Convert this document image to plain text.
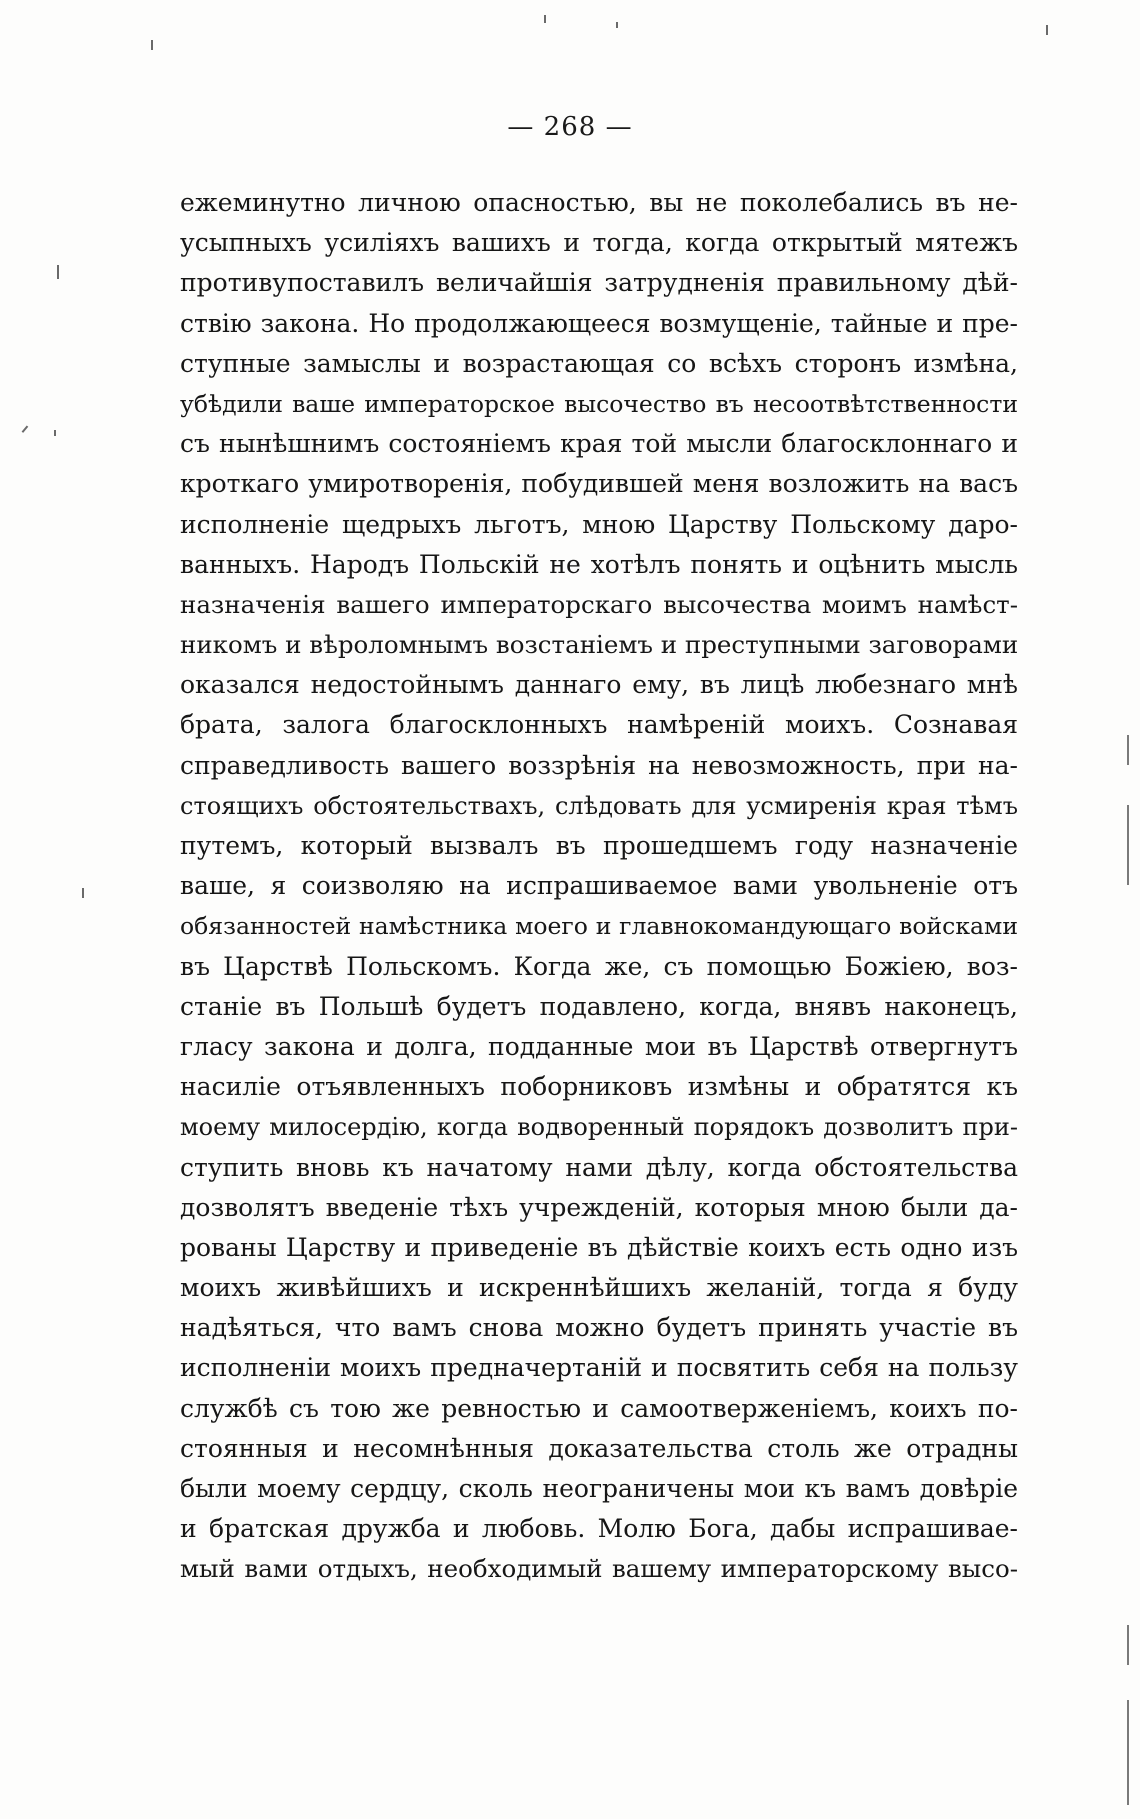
— 268 —
ежеминутно личною опасностью, вы не поколебались въ не-
усыпныхъ усиліяхъ вашихъ и тогда, когда открытый мятежъ
противупоставилъ величайшія затрудненія правильному дѣй-
ствію закона. Но продолжающееся возмущеніе, тайные и пре-
ступные замыслы и возрастающая со всѣхъ сторонъ измѣна,
убѣдили ваше императорское высочество въ несоотвѣтственности
съ нынѣшнимъ состояніемъ края той мысли благосклоннаго и
кроткаго умиротворенія, побудившей меня возложить на васъ
исполненіе щедрыхъ льготъ, мною Царству Польскому даро-
ванныхъ. Народъ Польскій не хотѣлъ понять и оцѣнить мысль
назначенія вашего императорскаго высочества моимъ намѣст-
никомъ и вѣроломнымъ возстаніемъ и преступными заговорами
оказался недостойнымъ даннаго ему, въ лицѣ любезнаго мнѣ
брата, залога благосклонныхъ намѣреній моихъ. Сознавая
справедливость вашего воззрѣнія на невозможность, при на-
стоящихъ обстоятельствахъ, слѣдовать для усмиренія края тѣмъ
путемъ, который вызвалъ въ прошедшемъ году назначеніе
ваше, я соизволяю на испрашиваемое вами увольненіе отъ
обязанностей намѣстника моего и главнокомандующаго войсками
въ Царствѣ Польскомъ. Когда же, съ помощью Божіею, воз-
станіе въ Польшѣ будетъ подавлено, когда, внявъ наконецъ,
гласу закона и долга, подданные мои въ Царствѣ отвергнутъ
насиліе отъявленныхъ поборниковъ измѣны и обратятся къ
моему милосердію, когда водворенный порядокъ дозволитъ при-
ступить вновь къ начатому нами дѣлу, когда обстоятельства
дозволятъ введеніе тѣхъ учрежденій, которыя мною были да-
рованы Царству и приведеніе въ дѣйствіе коихъ есть одно изъ
моихъ живѣйшихъ и искреннѣйшихъ желаній, тогда я буду
надѣяться, что вамъ снова можно будетъ принять участіе въ
исполненіи моихъ предначертаній и посвятить себя на пользу
службѣ съ тою же ревностью и самоотверженіемъ, коихъ по-
стоянныя и несомнѣнныя доказательства столь же отрадны
были моему сердцу, сколь неограничены мои къ вамъ довѣріе
и братская дружба и любовь. Молю Бога, дабы испрашивае-
мый вами отдыхъ, необходимый вашему императорскому высо-
